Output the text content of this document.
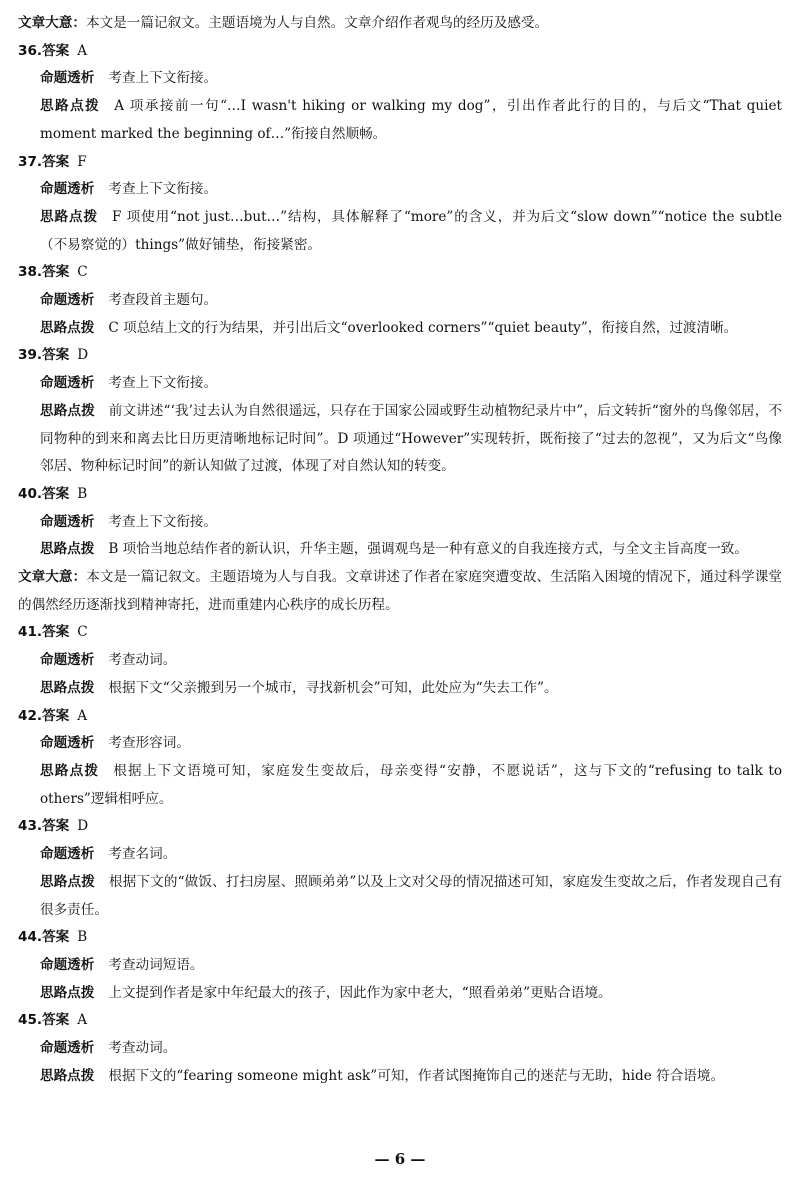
文章大意：本文是一篇记叙文。主题语境为人与自然。文章介绍作者观鸟的经历及感受。
36.答案 A
命题透析 考查上下文衔接。
思路点拨 A 项承接前一句“…I wasn't hiking or walking my dog”，引出作者此行的目的，与后文“That quiet moment marked the beginning of…”衔接自然顺畅。
37.答案 F
命题透析 考查上下文衔接。
思路点拨 F 项使用“not just…but…”结构，具体解释了“more”的含义，并为后文“slow down”“notice the subtle（不易察觉的）things”做好铺垫，衔接紧密。
38.答案 C
命题透析 考查段首主题句。
思路点拨 C 项总结上文的行为结果，并引出后文“overlooked corners”“quiet beauty”，衔接自然，过渡清晰。
39.答案 D
命题透析 考查上下文衔接。
思路点拨 前文讲述“‘我’过去认为自然很遥远，只存在于国家公园或野生动植物纪录片中”，后文转折“窗外的鸟像邻居，不同物种的到来和离去比日历更清晰地标记时间”。D 项通过“However”实现转折，既衔接了“过去的忽视”，又为后文“鸟像邻居、物种标记时间”的新认知做了过渡，体现了对自然认知的转变。
40.答案 B
命题透析 考查上下文衔接。
思路点拨 B 项恰当地总结作者的新认识，升华主题，强调观鸟是一种有意义的自我连接方式，与全文主旨高度一致。
文章大意：本文是一篇记叙文。主题语境为人与自我。文章讲述了作者在家庭突遭变故、生活陷入困境的情况下，通过科学课堂的偶然经历逐渐找到精神寄托，进而重建内心秩序的成长历程。
41.答案 C
命题透析 考查动词。
思路点拨 根据下文“父亲搬到另一个城市，寻找新机会”可知，此处应为“失去工作”。
42.答案 A
命题透析 考查形容词。
思路点拨 根据上下文语境可知，家庭发生变故后，母亲变得“安静，不愿说话”，这与下文的“refusing to talk to others”逻辑相呼应。
43.答案 D
命题透析 考查名词。
思路点拨 根据下文的“做饭、打扫房屋、照顾弟弟”以及上文对父母的情况描述可知，家庭发生变故之后，作者发现自己有很多责任。
44.答案 B
命题透析 考查动词短语。
思路点拨 上文提到作者是家中年纪最大的孩子，因此作为家中老大，“照看弟弟”更贴合语境。
45.答案 A
命题透析 考查动词。
思路点拨 根据下文的“fearing someone might ask”可知，作者试图掩饰自己的迷茫与无助，hide 符合语境。
— 6 —
